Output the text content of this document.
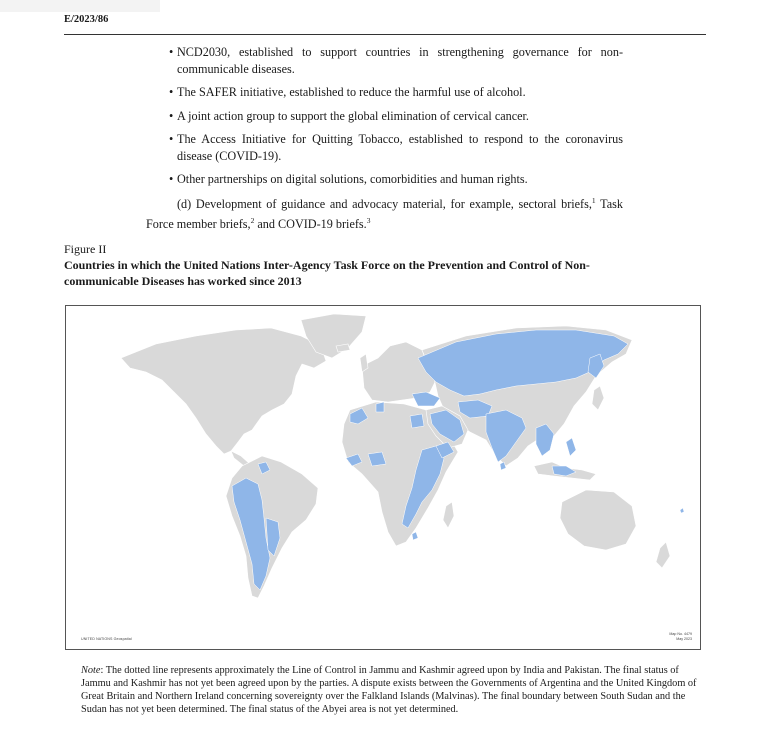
E/2023/86
• NCD2030, established to support countries in strengthening governance for non-communicable diseases.
• The SAFER initiative, established to reduce the harmful use of alcohol.
• A joint action group to support the global elimination of cervical cancer.
• The Access Initiative for Quitting Tobacco, established to respond to the coronavirus disease (COVID-19).
• Other partnerships on digital solutions, comorbidities and human rights.

(d) Development of guidance and advocacy material, for example, sectoral briefs,$^1$ Task Force member briefs,$^2$ and COVID-19 briefs.$^3$

Figure II
Countries in which the United Nations Inter-Agency Task Force on the Prevention and Control of Non-communicable Diseases has worked since 2013
UNITED NATIONS Geospatial
Map No. 4479
May 2023

Note: The dotted line represents approximately the Line of Control in Jammu and Kashmir agreed upon by India and Pakistan. The final status of Jammu and Kashmir has not yet been agreed upon by the parties. A dispute exists between the Governments of Argentina and the United Kingdom of Great Britain and Northern Ireland concerning sovereignty over the Falkland Islands (Malvinas). The final boundary between South Sudan and the Sudan has not yet been determined. The final status of the Abyei area is not yet determined.
